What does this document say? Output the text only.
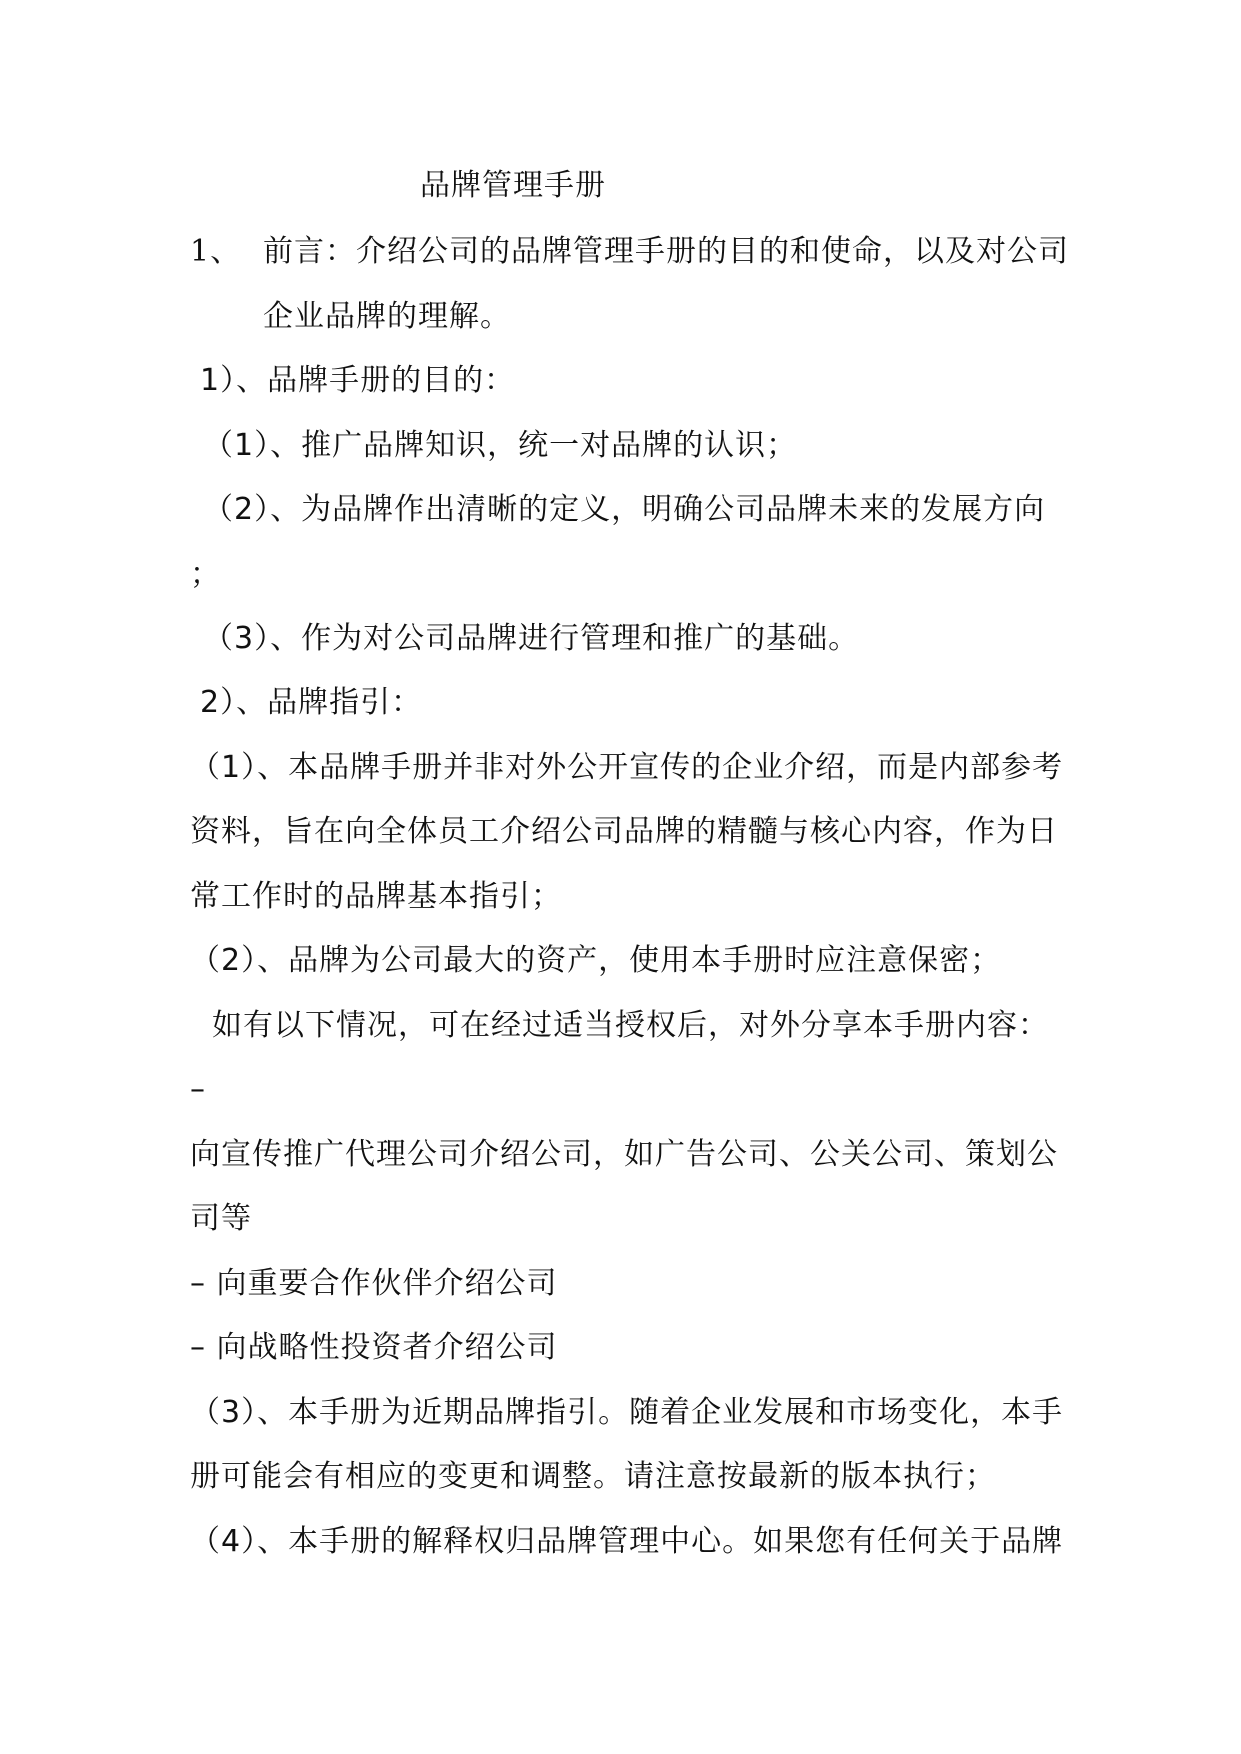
品牌管理手册
1、 前言：介绍公司的品牌管理手册的目的和使命，以及对公司
企业品牌的理解。
1）、品牌手册的目的：
（1）、推广品牌知识，统一对品牌的认识；
（2）、为品牌作出清晰的定义，明确公司品牌未来的发展方向
；
（3）、作为对公司品牌进行管理和推广的基础。
2）、品牌指引：
（1）、本品牌手册并非对外公开宣传的企业介绍，而是内部参考
资料，旨在向全体员工介绍公司品牌的精髓与核心内容，作为日
常工作时的品牌基本指引；
（2）、品牌为公司最大的资产，使用本手册时应注意保密；
如有以下情况，可在经过适当授权后，对外分享本手册内容：
–
向宣传推广代理公司介绍公司，如广告公司、公关公司、策划公
司等
– 向重要合作伙伴介绍公司
– 向战略性投资者介绍公司
（3）、本手册为近期品牌指引。随着企业发展和市场变化，本手
册可能会有相应的变更和调整。请注意按最新的版本执行；
（4）、本手册的解释权归品牌管理中心。如果您有任何关于品牌
